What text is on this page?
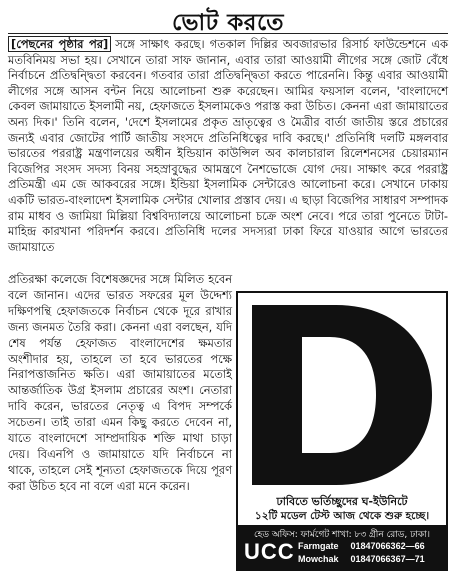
ভোট করতে

[পেছনের পৃষ্ঠার পর] সঙ্গে সাক্ষাৎ করছে। গতকাল দিল্লির অবজারভার রিসার্চ ফাউন্ডেশনে এক মতবিনিময় সভা হয়। সেখানে তারা সাফ জানান, এবার তারা আওয়ামী লীগের সঙ্গে জোট বেঁধে নির্বাচনে প্রতিদ্বন্দ্বিতা করবেন। গতবার তারা প্রতিদ্বন্দ্বিতা করতে পারেননি। কিন্তু এবার আওয়ামী লীগের সঙ্গে আসন বন্টন নিয়ে আলোচনা শুরু করেছেন। আমির ফয়সাল বলেন, 'বাংলাদেশে কেবল জামায়াতে ইসলামী নয়, হেফাজতে ইসলামকেও পরাস্ত করা উচিত। কেননা এরা জামায়াতের অন্য দিক।' তিনি বলেন, 'দেশে ইসলামের প্রকৃত ভ্রাতৃত্বের ও মৈত্রীর বার্তা জাতীয় স্তরে প্রচারের জন্যই এবার জোটের পার্টি জাতীয় সংসদে প্রতিনিধিত্বের দাবি করছে।' প্রতিনিধি দলটি মঙ্গলবার ভারতের পররাষ্ট্র মন্ত্রণালয়ের অধীন ইন্ডিয়ান কাউন্সিল অব কালচারাল রিলেশনসের চেয়ারম্যান বিজেপির সংসদ সদস্য বিনয় সহস্রাবুদ্ধের আমন্ত্রণে নৈশভোজে যোগ দেয়। সাক্ষাৎ করে পররাষ্ট্র প্রতিমন্ত্রী এম জে আকবরের সঙ্গে। ইন্ডিয়া ইসলামিক সেন্টারেও আলোচনা করে। সেখানে ঢাকায় একটি ভারত-বাংলাদেশ ইসলামিক সেন্টার খোলার প্রস্তাব দেয়। এ ছাড়া বিজেপির সাধারণ সম্পাদক রাম মাধব ও জামিয়া মিল্লিয়া বিশ্ববিদ্যালয়ে আলোচনা চক্রে অংশ নেবে। পরে তারা পুনেতে টাটা-মাহিন্দ্র কারখানা পরিদর্শন করবে। প্রতিনিধি দলের সদস্যরা ঢাকা ফিরে যাওয়ার আগে ভারতের জামায়াতে

প্রতিরক্ষা কলেজে বিশেষজ্ঞদের সঙ্গে মিলিত হবেন বলে জানান। এদের ভারত সফরের মূল উদ্দেশ্য দক্ষিণপন্থি হেফাজতকে নির্বাচন থেকে দূরে রাখার জন্য জনমত তৈরি করা। কেননা এরা বলছেন, যদি শেষ পর্যন্ত হেফাজত বাংলাদেশের ক্ষমতার অংশীদার হয়, তাহলে তা হবে ভারতের পক্ষে নিরাপত্তাজনিত ক্ষতি। এরা জামায়াতের মতোই আন্তর্জাতিক উগ্র ইসলাম প্রচারের অংশ। নেতারা দাবি করেন, ভারতের নেতৃত্ব এ বিপদ সম্পর্কে সচেতন। তাই তারা এমন কিছু করতে দেবেন না, যাতে বাংলাদেশে সাম্প্রদায়িক শক্তি মাথা চাড়া দেয়। বিএনপি ও জামায়াতে যদি নির্বাচনে না থাকে, তাহলে সেই শূন্যতা হেফাজতকে দিয়ে পূরণ করা উচিত হবে না বলে এরা মনে করেন।

ঢাবিতে ভর্তিচ্ছুদের ঘ-ইউনিটে
১২টি মডেল টেস্ট আজ থেকে শুরু হচ্ছে।
হেড অফিস: ফার্মগেট শাখা: ৮৩ গ্রীন রোড, ঢাকা।
UCC Farmgate 01847066362—66
Mowchak 01847066367—71
